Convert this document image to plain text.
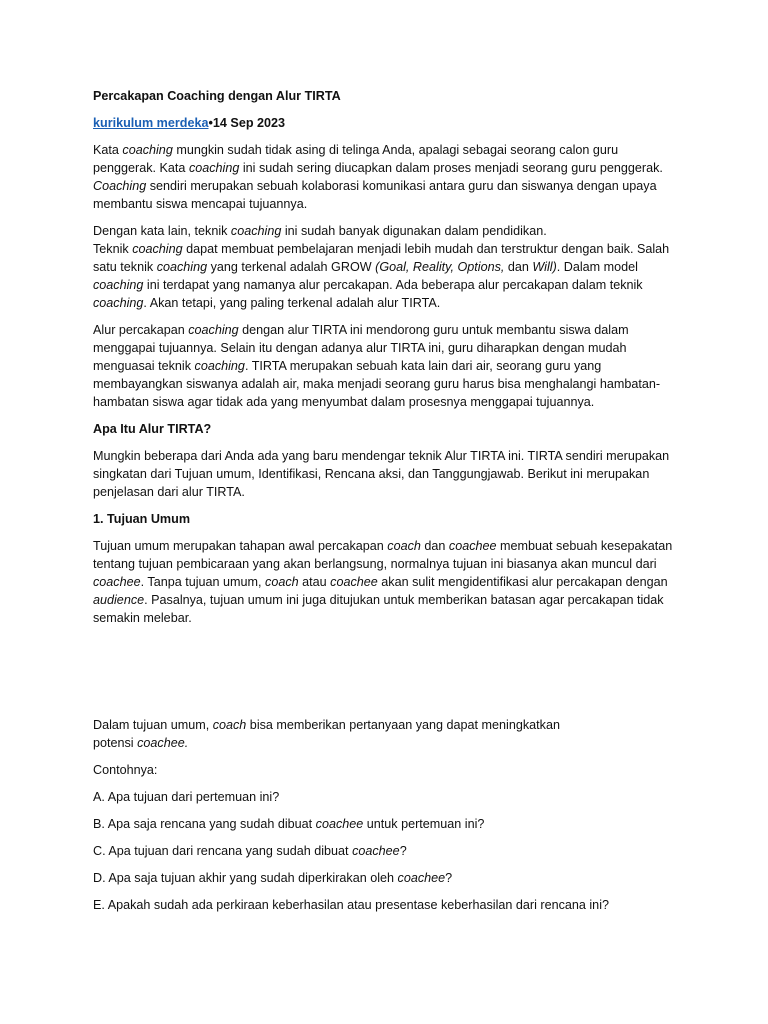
Percakapan Coaching dengan Alur TIRTA

kurikulum merdeka•14 Sep 2023

Kata coaching mungkin sudah tidak asing di telinga Anda, apalagi sebagai seorang calon guru penggerak. Kata coaching ini sudah sering diucapkan dalam proses menjadi seorang guru penggerak. Coaching sendiri merupakan sebuah kolaborasi komunikasi antara guru dan siswanya dengan upaya membantu siswa mencapai tujuannya.

Dengan kata lain, teknik coaching ini sudah banyak digunakan dalam pendidikan.
Teknik coaching dapat membuat pembelajaran menjadi lebih mudah dan terstruktur dengan baik. Salah satu teknik coaching yang terkenal adalah GROW (Goal, Reality, Options, dan Will). Dalam model coaching ini terdapat yang namanya alur percakapan. Ada beberapa alur percakapan dalam teknik coaching. Akan tetapi, yang paling terkenal adalah alur TIRTA.

Alur percakapan coaching dengan alur TIRTA ini mendorong guru untuk membantu siswa dalam menggapai tujuannya. Selain itu dengan adanya alur TIRTA ini, guru diharapkan dengan mudah menguasai teknik coaching. TIRTA merupakan sebuah kata lain dari air, seorang guru yang membayangkan siswanya adalah air, maka menjadi seorang guru harus bisa menghalangi hambatan-hambatan siswa agar tidak ada yang menyumbat dalam prosesnya menggapai tujuannya.

Apa Itu Alur TIRTA?

Mungkin beberapa dari Anda ada yang baru mendengar teknik Alur TIRTA ini. TIRTA sendiri merupakan singkatan dari Tujuan umum, Identifikasi, Rencana aksi, dan Tanggungjawab. Berikut ini merupakan penjelasan dari alur TIRTA.

1. Tujuan Umum

Tujuan umum merupakan tahapan awal percakapan coach dan coachee membuat sebuah kesepakatan tentang tujuan pembicaraan yang akan berlangsung, normalnya tujuan ini biasanya akan muncul dari coachee. Tanpa tujuan umum, coach atau coachee akan sulit mengidentifikasi alur percakapan dengan audience. Pasalnya, tujuan umum ini juga ditujukan untuk memberikan batasan agar percakapan tidak semakin melebar.

Dalam tujuan umum, coach bisa memberikan pertanyaan yang dapat meningkatkan
potensi coachee.

Contohnya:

A. Apa tujuan dari pertemuan ini?

B. Apa saja rencana yang sudah dibuat coachee untuk pertemuan ini?

C. Apa tujuan dari rencana yang sudah dibuat coachee?

D. Apa saja tujuan akhir yang sudah diperkirakan oleh coachee?

E. Apakah sudah ada perkiraan keberhasilan atau presentase keberhasilan dari rencana ini?
